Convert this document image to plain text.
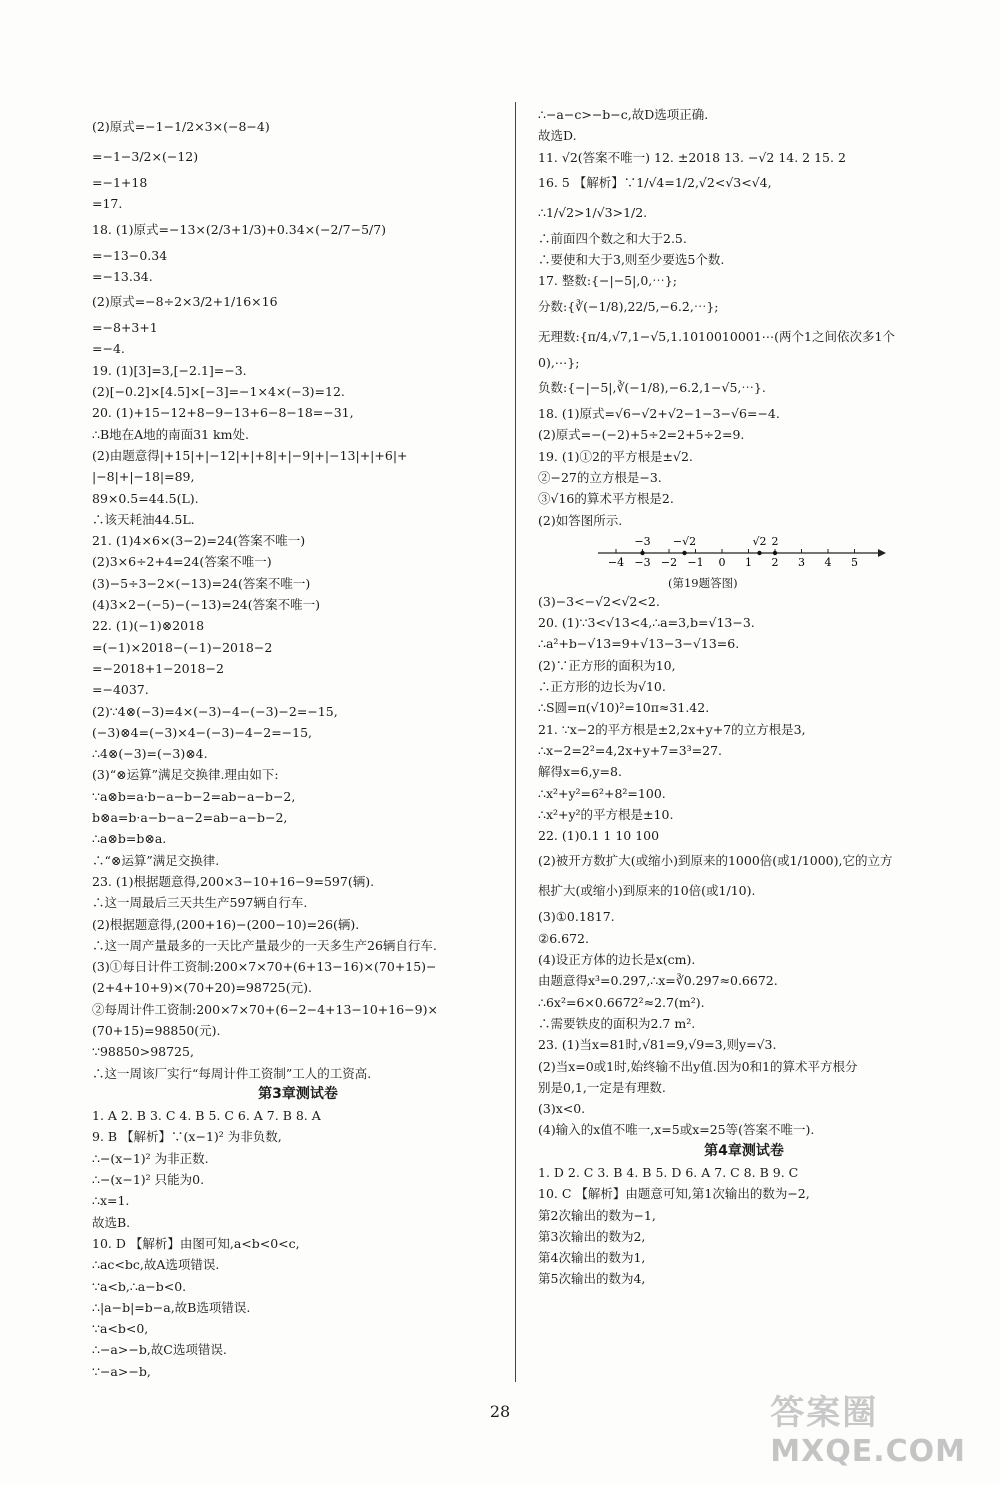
(2)原式=−1−1/2×3×(−8−4)
=−1−3/2×(−12)
=−1+18
=17.
18. (1)原式=−13×(2/3+1/3)+0.34×(−2/7−5/7)
=−13−0.34
=−13.34.
(2)原式=−8÷2×3/2+1/16×16
=−8+3+1
=−4.
19. (1)[3]=3,[−2.1]=−3.
(2)[−0.2]×[4.5]×[−3]=−1×4×(−3)=12.
20. (1)+15−12+8−9−13+6−8−18=−31,
∴B地在A地的南面31 km处.
(2)由题意得|+15|+|−12|+|+8|+|−9|+|−13|+|+6|+
|−8|+|−18|=89,
89×0.5=44.5(L).
∴该天耗油44.5L.
21. (1)4×6×(3−2)=24(答案不唯一)
(2)3×6÷2+4=24(答案不唯一)
(3)−5÷3−2×(−13)=24(答案不唯一)
(4)3×2−(−5)−(−13)=24(答案不唯一)
22. (1)(−1)⊗2018
=(−1)×2018−(−1)−2018−2
=−2018+1−2018−2
=−4037.
(2)∵4⊗(−3)=4×(−3)−4−(−3)−2=−15,
(−3)⊗4=(−3)×4−(−3)−4−2=−15,
∴4⊗(−3)=(−3)⊗4.
(3)“⊗运算”满足交换律.理由如下:
∵a⊗b=a·b−a−b−2=ab−a−b−2,
b⊗a=b·a−b−a−2=ab−a−b−2,
∴a⊗b=b⊗a.
∴“⊗运算”满足交换律.
23. (1)根据题意得,200×3−10+16−9=597(辆).
∴这一周最后三天共生产597辆自行车.
(2)根据题意得,(200+16)−(200−10)=26(辆).
∴这一周产量最多的一天比产量最少的一天多生产26辆自行车.
(3)①每日计件工资制:200×7×70+(6+13−16)×(70+15)−
(2+4+10+9)×(70+20)=98725(元).
②每周计件工资制:200×7×70+(6−2−4+13−10+16−9)×
(70+15)=98850(元).
∵98850>98725,
∴这一周该厂实行“每周计件工资制”工人的工资高.
第3章测试卷
1. A 2. B 3. C 4. B 5. C 6. A 7. B 8. A
9. B 【解析】∵(x−1)² 为非负数,
∴−(x−1)² 为非正数.
∴−(x−1)² 只能为0.
∴x=1.
故选B.
10. D 【解析】由图可知,a<b<0<c,
∴ac<bc,故A选项错误.
∵a<b,∴a−b<0.
∴|a−b|=b−a,故B选项错误.
∵a<b<0,
∴−a>−b,故C选项错误.
∵−a>−b,
∴−a−c>−b−c,故D选项正确.
故选D.
11. √2(答案不唯一) 12. ±2018 13. −√2 14. 2 15. 2
16. 5 【解析】∵1/√4=1/2,√2<√3<√4,
∴1/√2>1/√3>1/2.
∴前面四个数之和大于2.5.
∴要使和大于3,则至少要选5个数.
17. 整数:{−|−5|,0,⋯};
分数:{∛(−1/8),22/5,−6.2̇,⋯};
无理数:{π/4,√7,1−√5,1.1010010001⋯(两个1之间依次多1个
0),⋯};
负数:{−|−5|,∛(−1/8),−6.2̇,1−√5,⋯}.
18. (1)原式=√6−√2+√2−1−3−√6=−4.
(2)原式=−(−2)+5÷2=2+5÷2=9.
19. (1)①2的平方根是±√2.
②−27的立方根是−3.
③√16的算术平方根是2.
(2)如答图所示.
−4 −3 −2 −1 0 1 2 3 4 5
−3 −√2	√2 2
(第19题答图)
(3)−3<−√2<√2<2.
20. (1)∵3<√13<4,∴a=3,b=√13−3.
∴a²+b−√13=9+√13−3−√13=6.
(2)∵正方形的面积为10,
∴正方形的边长为√10.
∴S圆=π(√10)²=10π≈31.42.
21. ∵x−2的平方根是±2,2x+y+7的立方根是3,
∴x−2=2²=4,2x+y+7=3³=27.
解得x=6,y=8.
∴x²+y²=6²+8²=100.
∴x²+y²的平方根是±10.
22. (1)0.1 1 10 100
(2)被开方数扩大(或缩小)到原来的1000倍(或1/1000),它的立方
根扩大(或缩小)到原来的10倍(或1/10).
(3)①0.1817.
②6.672.
(4)设正方体的边长是x(cm).
由题意得x³=0.297,∴x=∛0.297≈0.6672.
∴6x²=6×0.6672²≈2.7(m²).
∴需要铁皮的面积为2.7 m².
23. (1)当x=81时,√81=9,√9=3,则y=√3.
(2)当x=0或1时,始终输不出y值.因为0和1的算术平方根分
别是0,1,一定是有理数.
(3)x<0.
(4)输入的x值不唯一,x=5或x=25等(答案不唯一).
第4章测试卷
1. D 2. C 3. B 4. B 5. D 6. A 7. C 8. B 9. C
10. C 【解析】由题意可知,第1次输出的数为−2,
第2次输出的数为−1,
第3次输出的数为2,
第4次输出的数为1,
第5次输出的数为4,
28	答案圈
MXQE.COM
